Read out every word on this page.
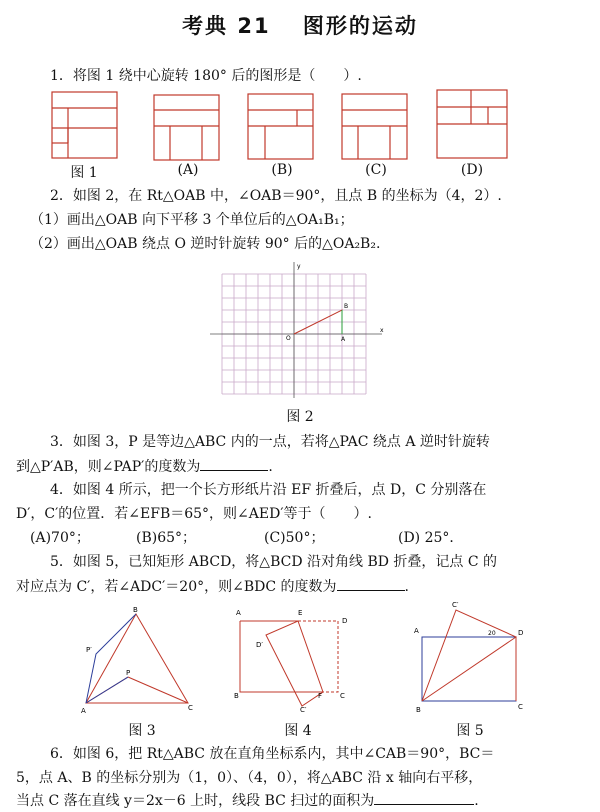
考典 21　 图形的运动
1．将图 1 绕中心旋转 180° 后的图形是（　　）.
图 1	(A)	(B)	(C)	(D)
2．如图 2，在 Rt△OAB 中，∠OAB＝90°，且点 B 的坐标为（4，2）.
（1）画出△OAB 向下平移 3 个单位后的△OA₁B₁；
（2）画出△OAB 绕点 O 逆时针旋转 90° 后的△OA₂B₂.
y
x
O	A
B
图 2
3．如图 3，P 是等边△ABC 内的一点，若将△PAC 绕点 A 逆时针旋转
到△P′AB，则∠PAP′的度数为	.
4．如图 4 所示，把一个长方形纸片沿 EF 折叠后，点 D，C 分别落在
D′，C′的位置．若∠EFB＝65°，则∠AED′等于（　　）.
(A)70°；	(B)65°；	(C)50°；	(D) 25°．
5．如图 5，已知矩形 ABCD，将△BCD 沿对角线 BD 折叠，记点 C 的
对应点为 C′，若∠ADC′＝20°，则∠BDC 的度数为	.
B
P
P′
A	C
A	E
D
D′
B	F	C
C′
C′
A	D
20
B	C
图 3	图 4	图 5
6．如图 6，把 Rt△ABC 放在直角坐标系内，其中∠CAB＝90°，BC＝
5，点 A、B 的坐标分别为（1，0）、（4，0），将△ABC 沿 x 轴向右平移，
当点 C 落在直线 y＝2x－6 上时，线段 BC 扫过的面积为	.
